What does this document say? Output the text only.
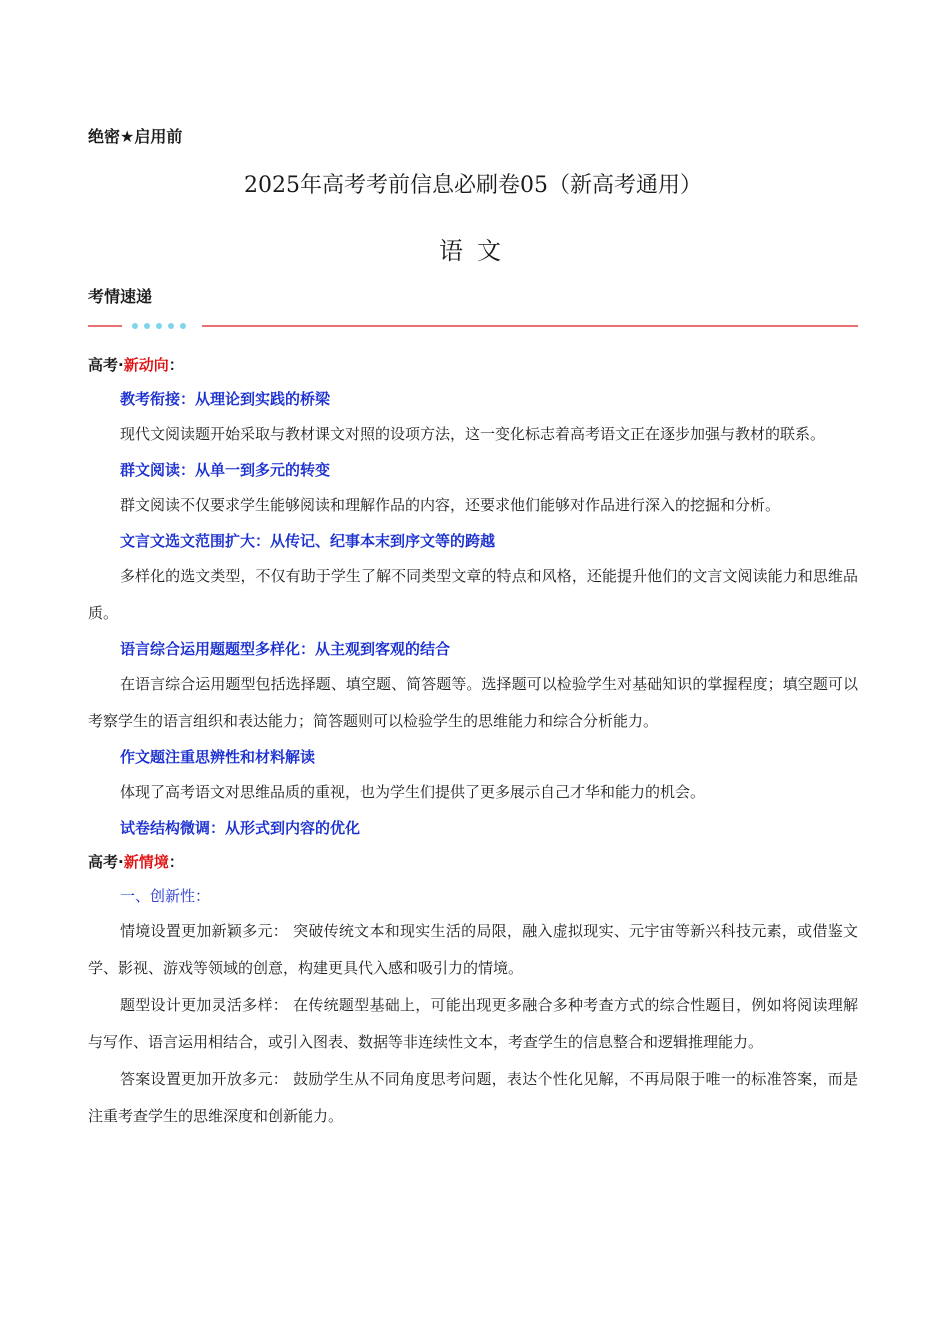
绝密★启用前
2025年高考考前信息必刷卷05（新高考通用）
语文
考情速递
高考·新动向：
教考衔接：从理论到实践的桥梁

现代文阅读题开始采取与教材课文对照的设项方法，这一变化标志着高考语文正在逐步加强与教材的联系。

群文阅读：从单一到多元的转变

群文阅读不仅要求学生能够阅读和理解作品的内容，还要求他们能够对作品进行深入的挖掘和分析。

文言文选文范围扩大：从传记、纪事本末到序文等的跨越

多样化的选文类型，不仅有助于学生了解不同类型文章的特点和风格，还能提升他们的文言文阅读能力和思维品质。

语言综合运用题题型多样化：从主观到客观的结合

在语言综合运用题型包括选择题、填空题、简答题等。选择题可以检验学生对基础知识的掌握程度；填空题可以考察学生的语言组织和表达能力；简答题则可以检验学生的思维能力和综合分析能力。

作文题注重思辨性和材料解读

体现了高考语文对思维品质的重视，也为学生们提供了更多展示自己才华和能力的机会。

试卷结构微调：从形式到内容的优化
高考·新情境：
一、创新性：

情境设置更加新颖多元： 突破传统文本和现实生活的局限，融入虚拟现实、元宇宙等新兴科技元素，或借鉴文学、影视、游戏等领域的创意，构建更具代入感和吸引力的情境。

题型设计更加灵活多样： 在传统题型基础上，可能出现更多融合多种考查方式的综合性题目，例如将阅读理解与写作、语言运用相结合，或引入图表、数据等非连续性文本，考查学生的信息整合和逻辑推理能力。

答案设置更加开放多元： 鼓励学生从不同角度思考问题，表达个性化见解，不再局限于唯一的标准答案，而是注重考查学生的思维深度和创新能力。
